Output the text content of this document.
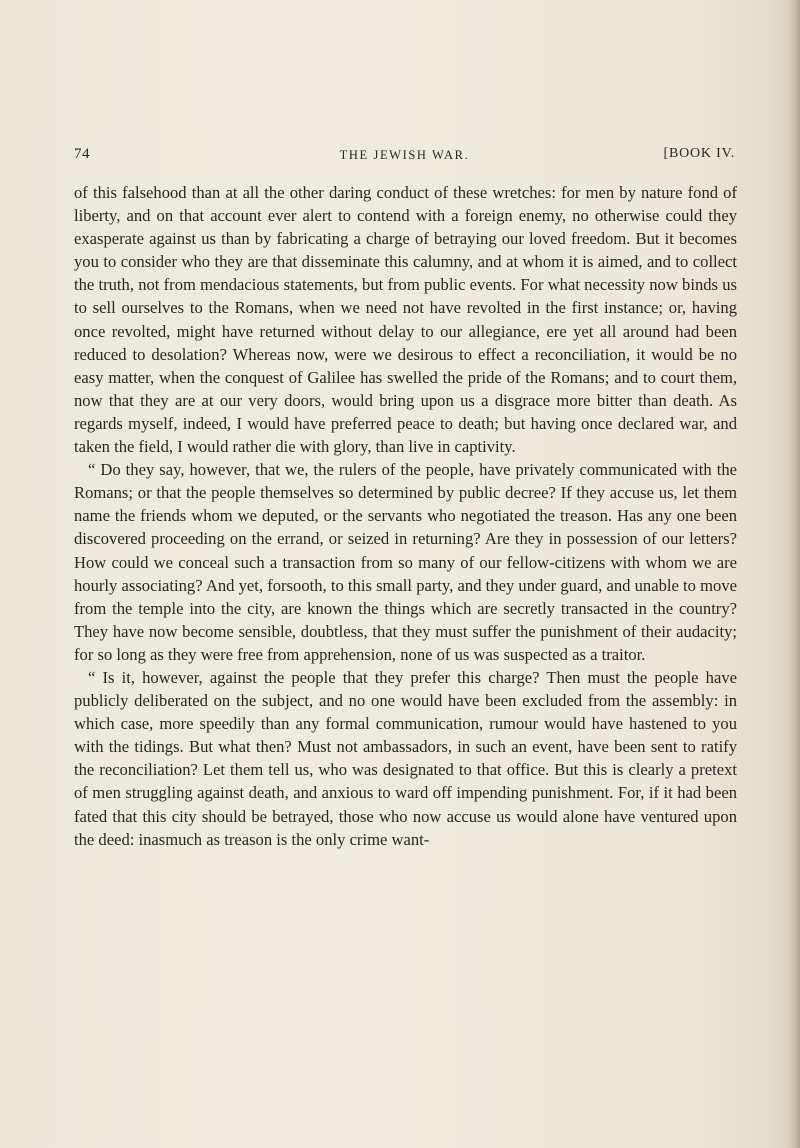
74	THE JEWISH WAR.	[BOOK IV.

of this falsehood than at all the other daring conduct of these wretches: for men by nature fond of liberty, and on that account ever alert to contend with a foreign enemy, no otherwise could they exasperate against us than by fabricating a charge of betraying our loved freedom. But it becomes you to consider who they are that disseminate this calumny, and at whom it is aimed, and to collect the truth, not from mendacious statements, but from public events. For what necessity now binds us to sell ourselves to the Romans, when we need not have revolted in the first instance; or, having once revolted, might have returned without delay to our allegiance, ere yet all around had been reduced to desolation? Whereas now, were we desirous to effect a reconciliation, it would be no easy matter, when the conquest of Galilee has swelled the pride of the Romans; and to court them, now that they are at our very doors, would bring upon us a disgrace more bitter than death. As regards myself, indeed, I would have preferred peace to death; but having once declared war, and taken the field, I would rather die with glory, than live in captivity.

“ Do they say, however, that we, the rulers of the people, have privately communicated with the Romans; or that the people themselves so determined by public decree? If they accuse us, let them name the friends whom we deputed, or the servants who negotiated the treason. Has any one been discovered proceeding on the errand, or seized in returning? Are they in possession of our letters? How could we conceal such a transaction from so many of our fellow-citizens with whom we are hourly associating? And yet, forsooth, to this small party, and they under guard, and unable to move from the temple into the city, are known the things which are secretly transacted in the country? They have now become sensible, doubtless, that they must suffer the punishment of their audacity; for so long as they were free from apprehension, none of us was suspected as a traitor.

“ Is it, however, against the people that they prefer this charge? Then must the people have publicly deliberated on the subject, and no one would have been excluded from the assembly: in which case, more speedily than any formal communication, rumour would have hastened to you with the tidings. But what then? Must not ambassadors, in such an event, have been sent to ratify the reconciliation? Let them tell us, who was designated to that office. But this is clearly a pretext of men struggling against death, and anxious to ward off impending punishment. For, if it had been fated that this city should be betrayed, those who now accuse us would alone have ventured upon the deed: inasmuch as treason is the only crime want-
